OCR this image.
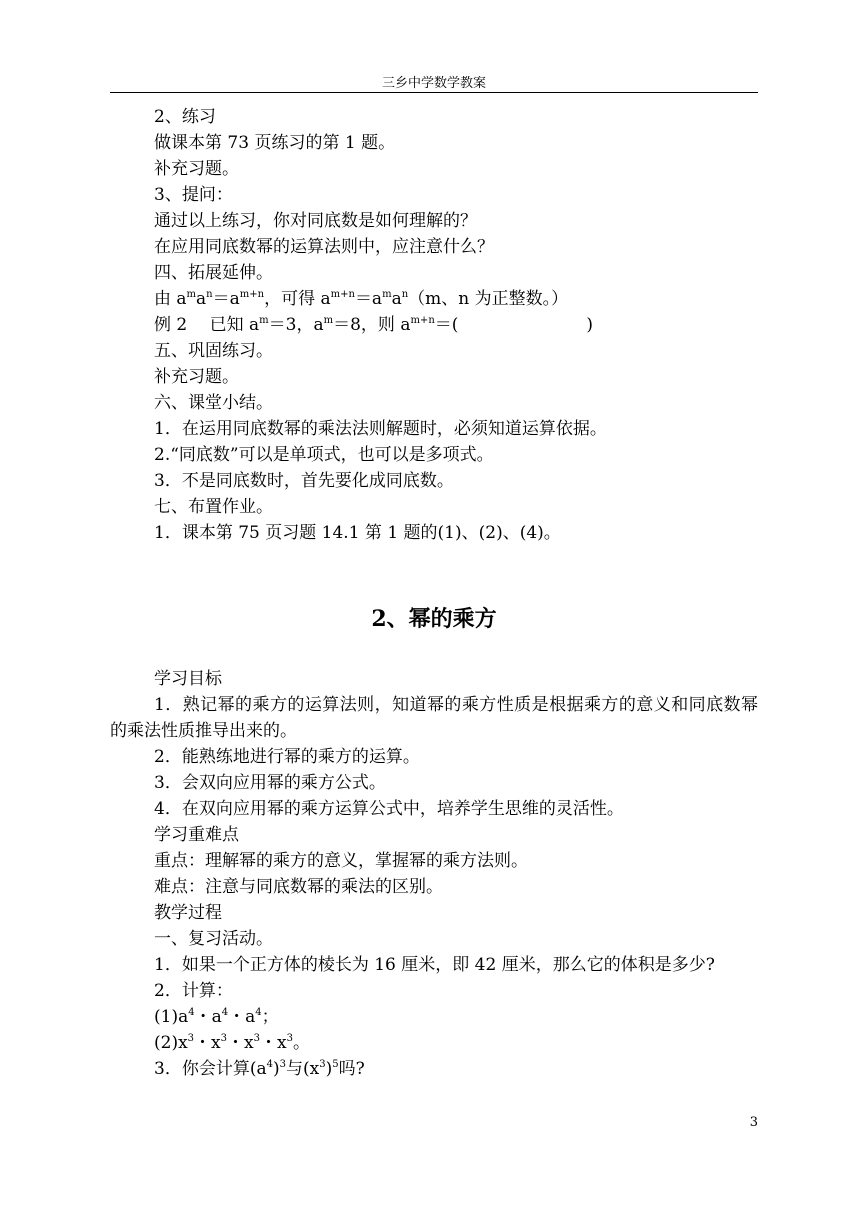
三乡中学数学教案
2、练习
做课本第 73 页练习的第 1 题。
补充习题。
3、提问：
通过以上练习，你对同底数是如何理解的？
在应用同底数幂的运算法则中，应注意什么？
四、拓展延伸。
由 $a^ma^n=a^{m+n}$，可得 $a^{m+n}=a^ma^n(m$、n 为正整数。）
例 2　 已知 $a^m=3$，$a^m=8$，则 $a^{m+n}=$(	)
五、巩固练习。
补充习题。
六、课堂小结。
1．在运用同底数幂的乘法法则解题时，必须知道运算依据。
2.“同底数”可以是单项式，也可以是多项式。
3．不是同底数时，首先要化成同底数。
七、布置作业。
1．课本第 75 页习题 14.1 第 1 题的(1)、(2)、(4)。
2、幂的乘方
学习目标
1．熟记幂的乘方的运算法则，知道幂的乘方性质是根据乘方的意义和同底数幂的乘法性质推导出来的。
2．能熟练地进行幂的乘方的运算。
3．会双向应用幂的乘方公式。
4．在双向应用幂的乘方运算公式中，培养学生思维的灵活性。
学习重难点
重点：理解幂的乘方的意义，掌握幂的乘方法则。
难点：注意与同底数幂的乘法的区别。
教学过程
一、复习活动。
1．如果一个正方体的棱长为 16 厘米，即 42 厘米，那么它的体积是多少?
2．计算：
$(1)a^4$・$a^4$・$a^4$；
$(2)x^3$・$x^3$・$x^3$・$x^3$。
3．你会计算$(a^4)^3$与$(x^3)^5$吗?
3
